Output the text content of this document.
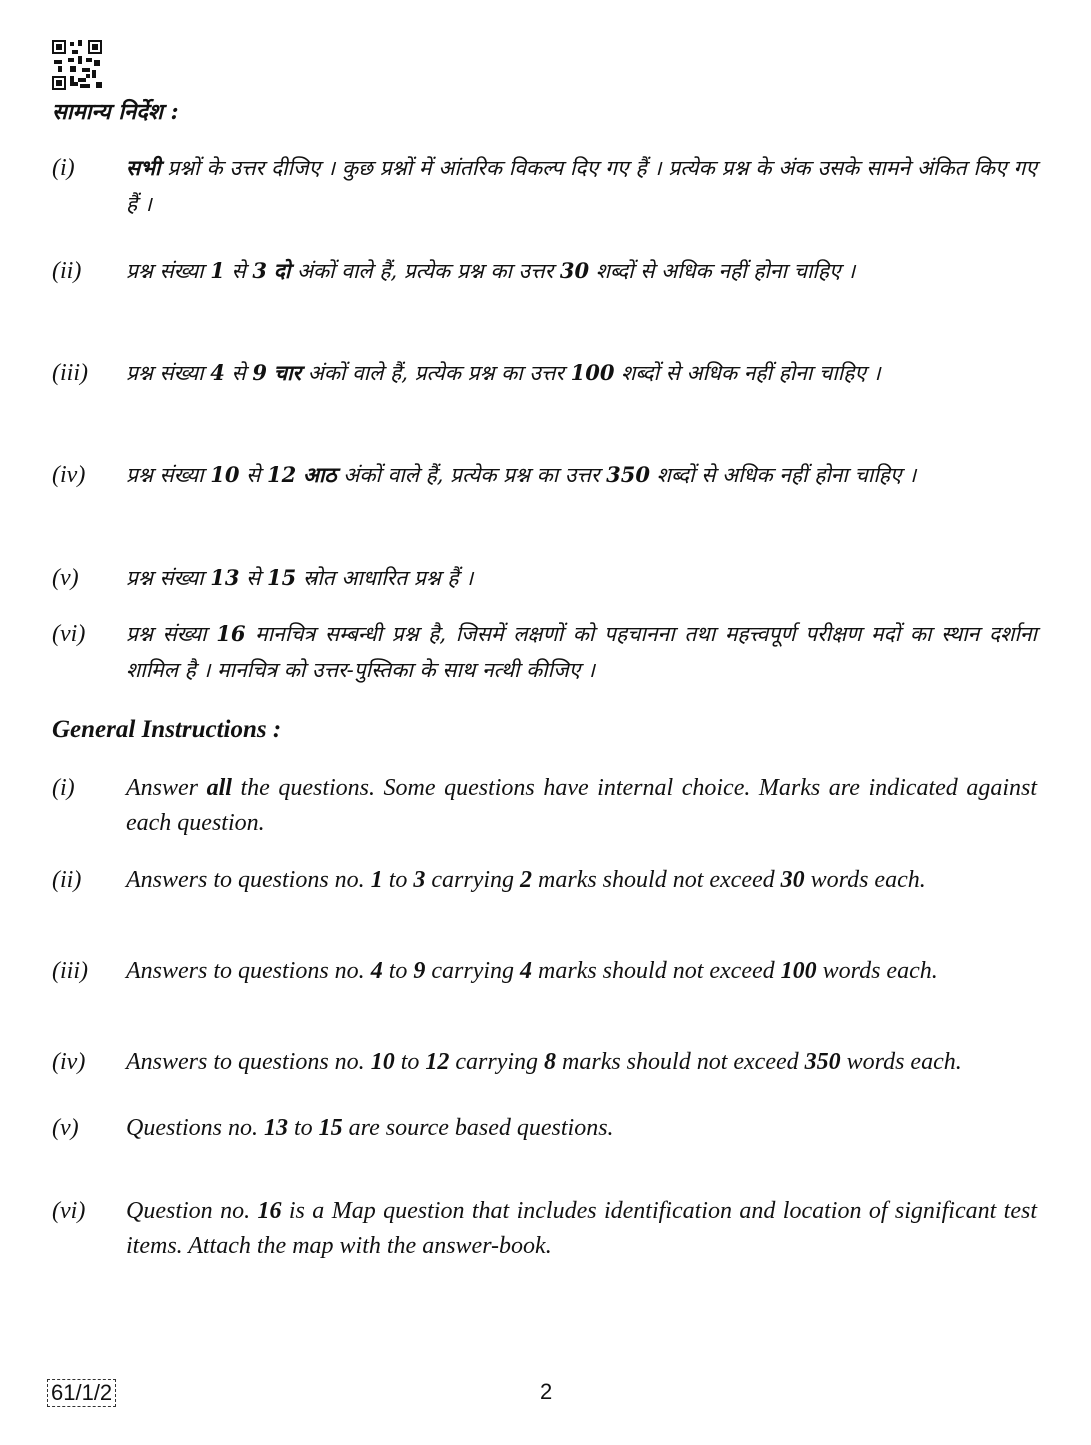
सामान्य निर्देश :

(i) सभी प्रश्नों के उत्तर दीजिए । कुछ प्रश्नों में आंतरिक विकल्प दिए गए हैं । प्रत्येक प्रश्न के अंक उसके सामने अंकित किए गए हैं ।
(ii) प्रश्न संख्या 1 से 3 दो अंकों वाले हैं, प्रत्येक प्रश्न का उत्तर 30 शब्दों से अधिक नहीं होना चाहिए ।
(iii) प्रश्न संख्या 4 से 9 चार अंकों वाले हैं, प्रत्येक प्रश्न का उत्तर 100 शब्दों से अधिक नहीं होना चाहिए ।
(iv) प्रश्न संख्या 10 से 12 आठ अंकों वाले हैं, प्रत्येक प्रश्न का उत्तर 350 शब्दों से अधिक नहीं होना चाहिए ।
(v) प्रश्न संख्या 13 से 15 स्रोत आधारित प्रश्न हैं ।
(vi) प्रश्न संख्या 16 मानचित्र सम्बन्धी प्रश्न है, जिसमें लक्षणों को पहचानना तथा महत्त्वपूर्ण परीक्षण मदों का स्थान दर्शाना शामिल है । मानचित्र को उत्तर-पुस्तिका के साथ नत्थी कीजिए ।

General Instructions :

(i) Answer all the questions. Some questions have internal choice. Marks are indicated against each question.
(ii) Answers to questions no. 1 to 3 carrying 2 marks should not exceed 30 words each.
(iii) Answers to questions no. 4 to 9 carrying 4 marks should not exceed 100 words each.
(iv) Answers to questions no. 10 to 12 carrying 8 marks should not exceed 350 words each.
(v) Questions no. 13 to 15 are source based questions.
(vi) Question no. 16 is a Map question that includes identification and location of significant test items. Attach the map with the answer-book.
61/1/2	2
